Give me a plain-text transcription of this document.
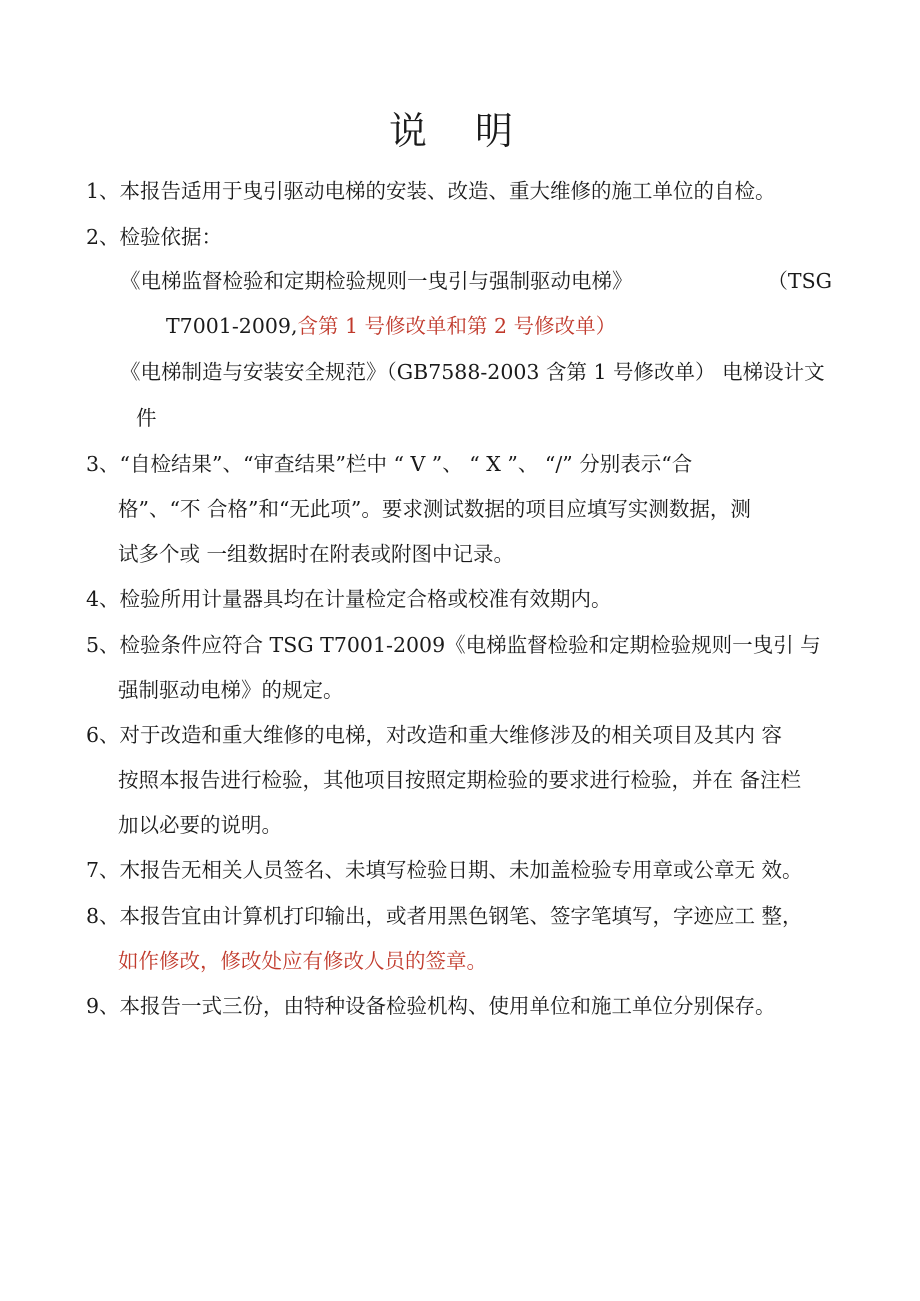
说 明
1、本报告适用于曳引驱动电梯的安装、改造、重大维修的施工单位的自检。
2、检验依据：
《电梯监督检验和定期检验规则一曳引与强制驱动电梯》	（TSG
T7001-2009,含第 1 号修改单和第 2 号修改单）
《电梯制造与安装安全规范》（GB7588-2003 含第 1 号修改单） 电梯设计文
件
3、“自检结果”、“审查结果”栏中 “ V ”、 “ X ”、 “/” 分别表示“合
格”、“不 合格”和“无此项”。要求测试数据的项目应填写实测数据，测
试多个或 一组数据时在附表或附图中记录。
4、检验所用计量器具均在计量检定合格或校准有效期内。
5、检验条件应符合 TSG T7001-2009《电梯监督检验和定期检验规则一曳引 与
强制驱动电梯》的规定。
6、对于改造和重大维修的电梯，对改造和重大维修涉及的相关项目及其内 容
按照本报告进行检验，其他项目按照定期检验的要求进行检验，并在 备注栏
加以必要的说明。
7、木报告无相关人员签名、未填写检验日期、未加盖检验专用章或公章无 效。
8、本报告宜由计算机打印输出，或者用黑色钢笔、签字笔填写，字迹应工 整，
如作修改，修改处应有修改人员的签章。
9、本报告一式三份，由特种设备检验机构、使用单位和施工单位分别保存。
